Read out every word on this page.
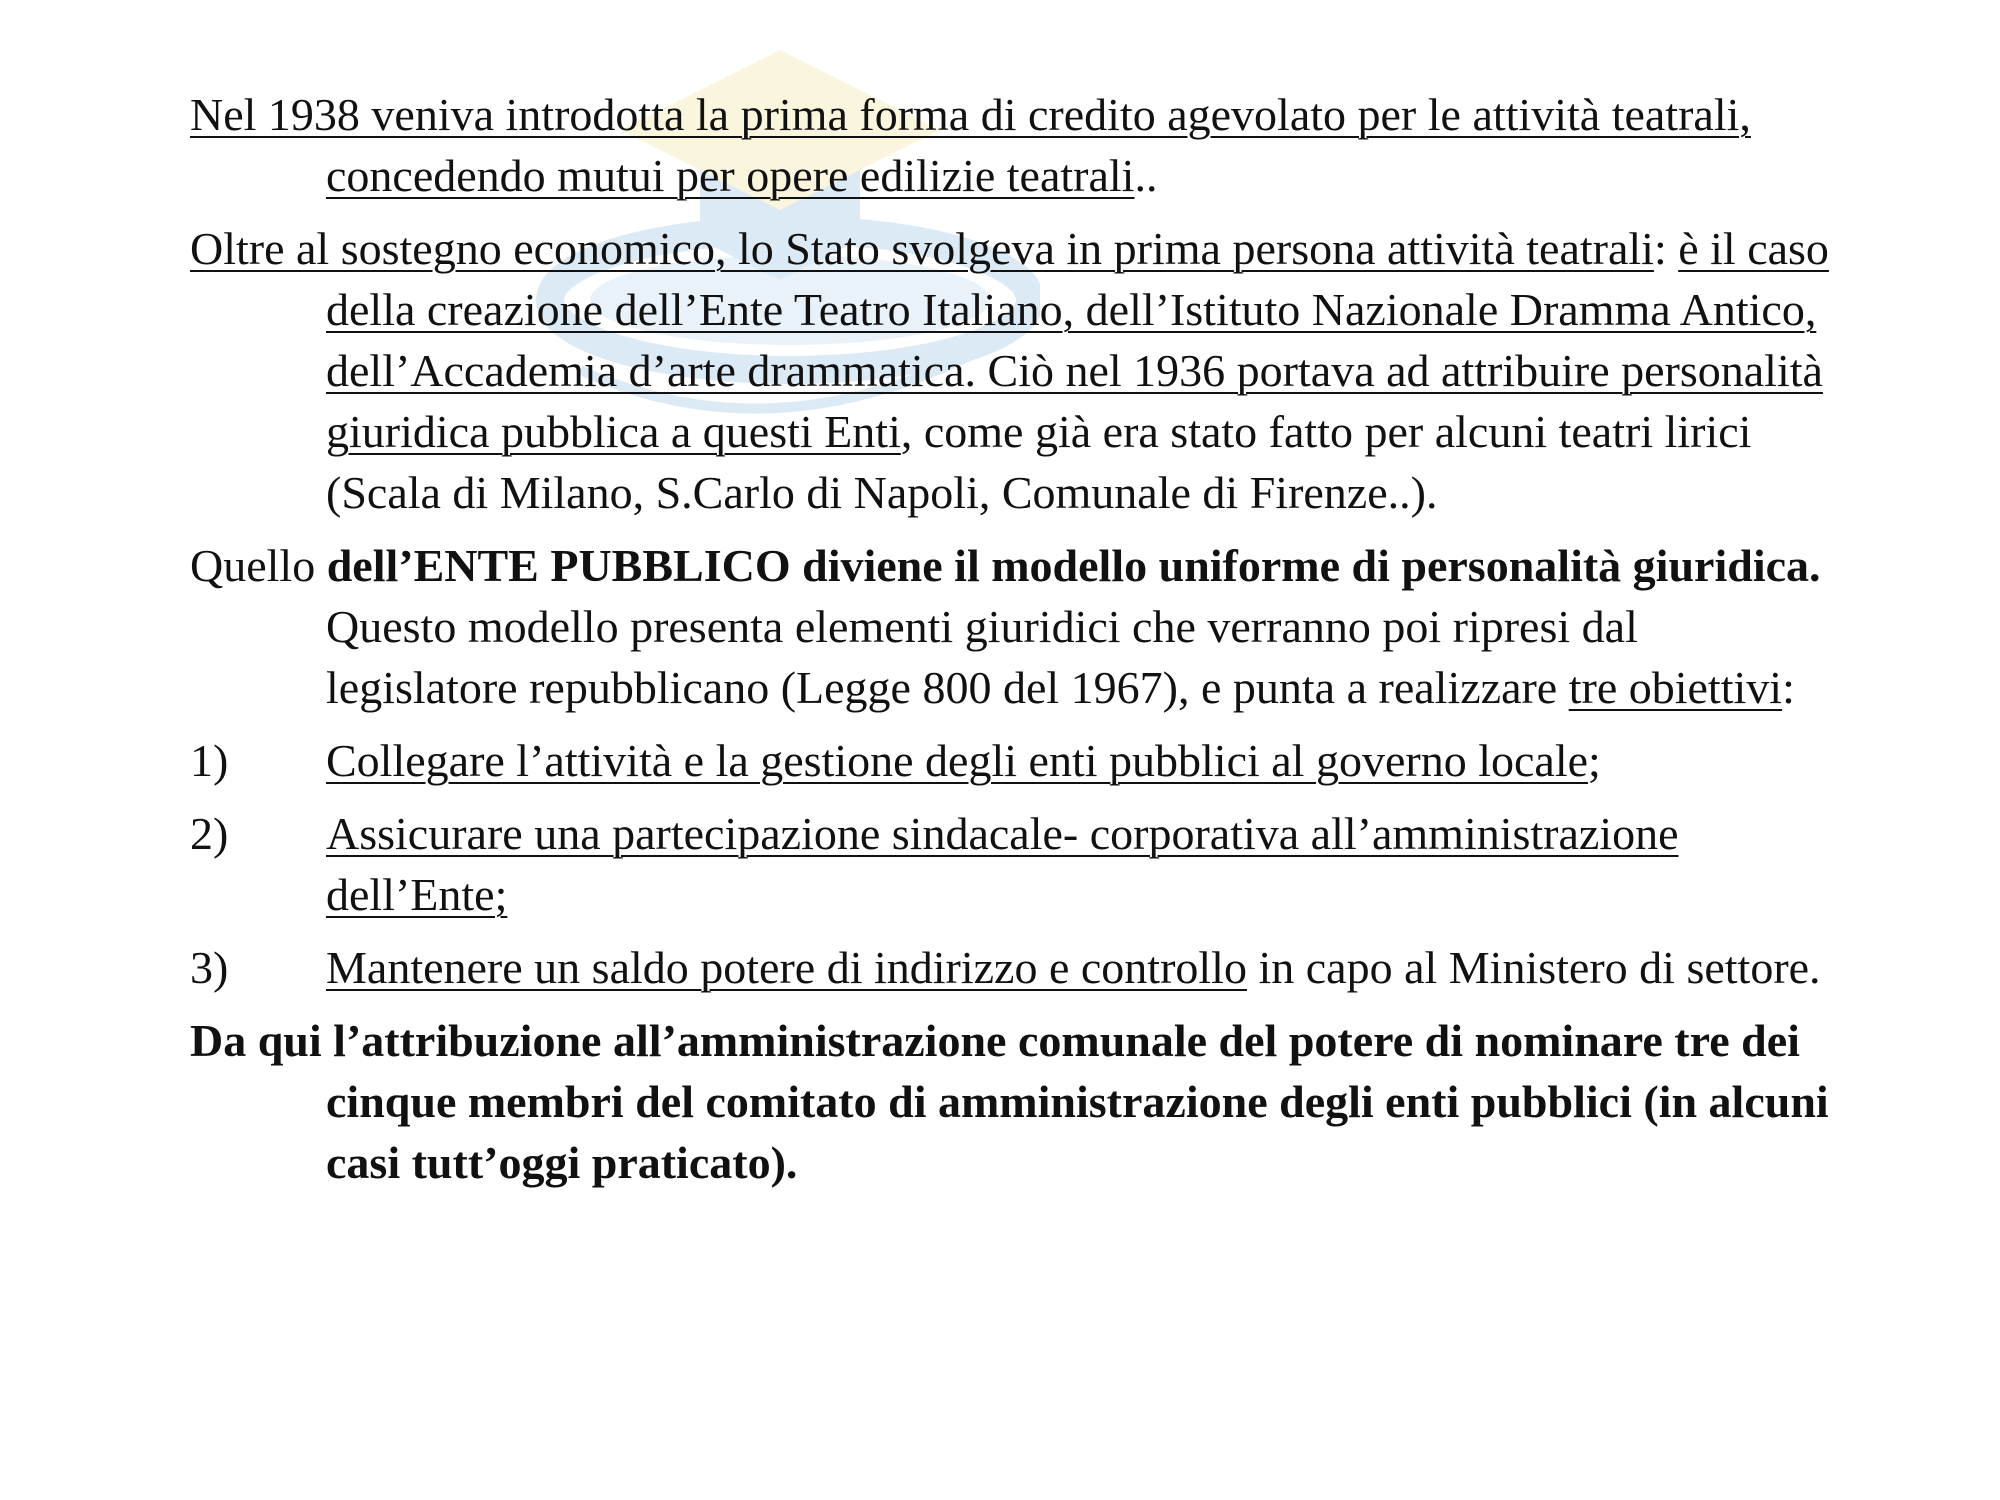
Nel 1938 veniva introdotta la prima forma di credito agevolato per le attività teatrali, concedendo mutui per opere edilizie teatrali..

Oltre al sostegno economico, lo Stato svolgeva in prima persona attività teatrali: è il caso della creazione dell’Ente Teatro Italiano, dell’Istituto Nazionale Dramma Antico, dell’Accademia d’arte drammatica. Ciò nel 1936 portava ad attribuire personalità giuridica pubblica a questi Enti, come già era stato fatto per alcuni teatri lirici (Scala di Milano, S.Carlo di Napoli, Comunale di Firenze..).

Quello dell’ENTE PUBBLICO diviene il modello uniforme di personalità giuridica. Questo modello presenta elementi giuridici che verranno poi ripresi dal legislatore repubblicano (Legge 800 del 1967), e punta a realizzare tre obiettivi:

1)	Collegare l’attività e la gestione degli enti pubblici al governo locale;
2)	Assicurare una partecipazione sindacale- corporativa all’amministrazione dell’Ente;
3)	Mantenere un saldo potere di indirizzo e controllo in capo al Ministero di settore.

Da qui l’attribuzione all’amministrazione comunale del potere di nominare tre dei cinque membri del comitato di amministrazione degli enti pubblici (in alcuni casi tutt’oggi praticato).
